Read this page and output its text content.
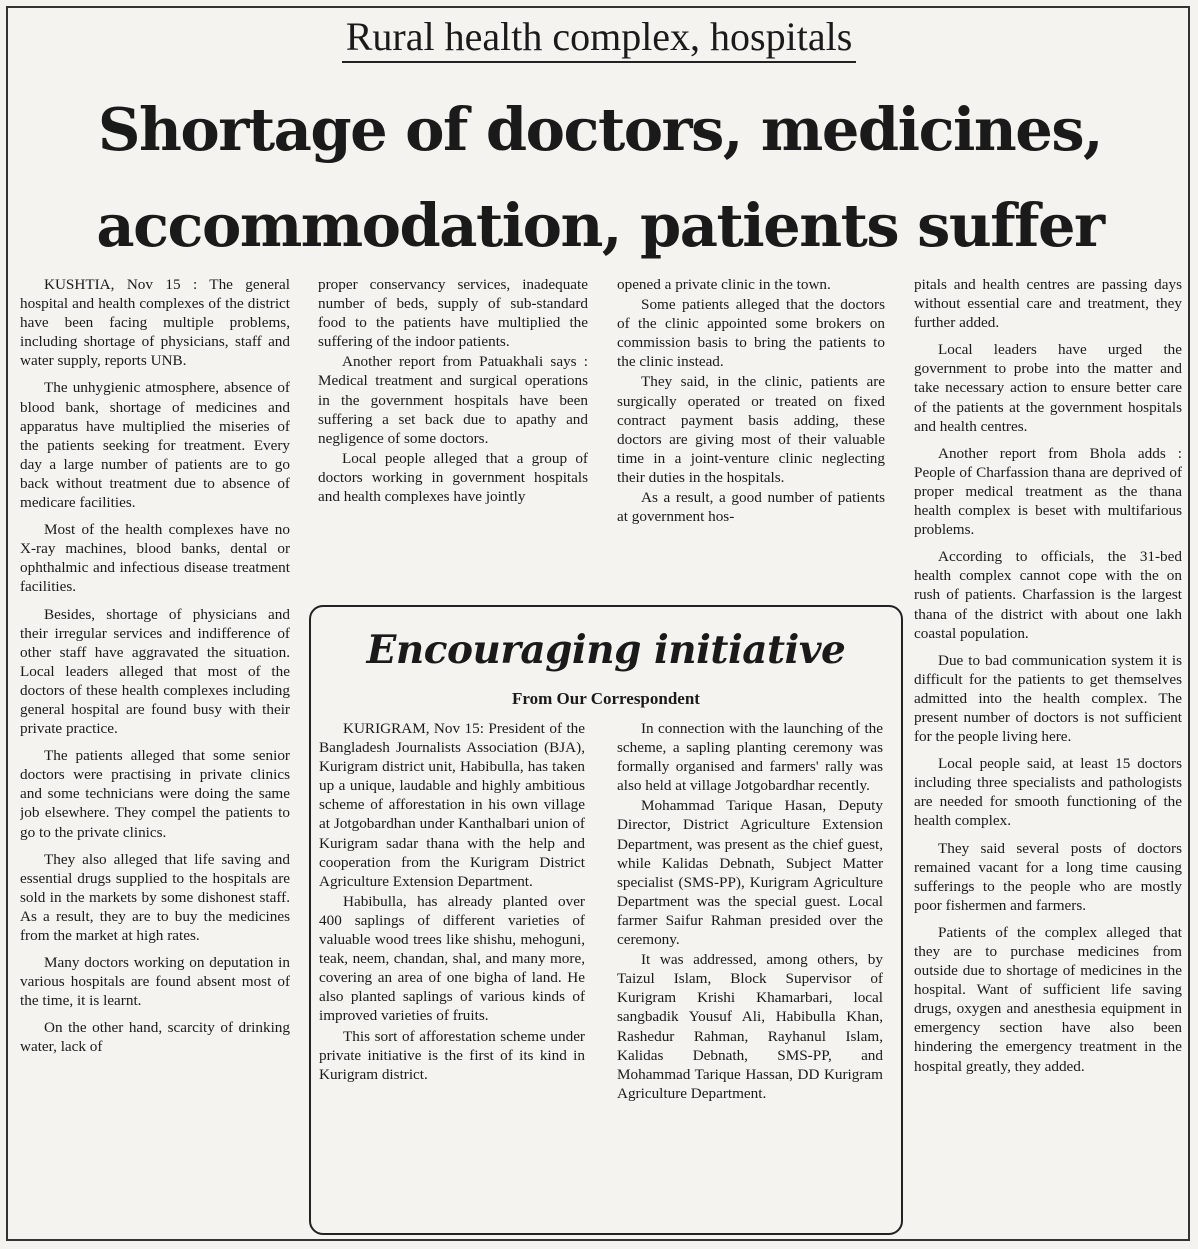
Rural health complex, hospitals
Shortage of doctors, medicines,
accommodation, patients suffer

KUSHTIA, Nov 15 : The general hospital and health complexes of the district have been facing multiple problems, including shortage of physicians, staff and water supply, reports UNB.

The unhygienic atmosphere, absence of blood bank, shortage of medicines and apparatus have multiplied the miseries of the patients seeking for treatment. Every day a large number of patients are to go back without treatment due to absence of medicare facilities.

Most of the health complexes have no X-ray machines, blood banks, dental or ophthalmic and infectious disease treatment facilities.

Besides, shortage of physicians and their irregular services and indifference of other staff have aggravated the situation. Local leaders alleged that most of the doctors of these health complexes including general hospital are found busy with their private practice.

The patients alleged that some senior doctors were practising in private clinics and some technicians were doing the same job elsewhere. They compel the patients to go to the private clinics.

They also alleged that life saving and essential drugs supplied to the hospitals are sold in the markets by some dishonest staff. As a result, they are to buy the medicines from the market at high rates.

Many doctors working on deputation in various hospitals are found absent most of the time, it is learnt.

On the other hand, scarcity of drinking water, lack of

proper conservancy services, inadequate number of beds, supply of sub-standard food to the patients have multiplied the suffering of the indoor patients.

Another report from Patuakhali says : Medical treatment and surgical operations in the government hospitals have been suffering a set back due to apathy and negligence of some doctors.

Local people alleged that a group of doctors working in government hospitals and health complexes have jointly

opened a private clinic in the town.

Some patients alleged that the doctors of the clinic appointed some brokers on commission basis to bring the patients to the clinic instead.

They said, in the clinic, patients are surgically operated or treated on fixed contract payment basis adding, these doctors are giving most of their valuable time in a joint-venture clinic neglecting their duties in the hospitals.

As a result, a good number of patients at government hos-

pitals and health centres are passing days without essential care and treatment, they further added.

Local leaders have urged the government to probe into the matter and take necessary action to ensure better care of the patients at the government hospitals and health centres.

Another report from Bhola adds : People of Charfassion thana are deprived of proper medical treatment as the thana health complex is beset with multifarious problems.

According to officials, the 31-bed health complex cannot cope with the on rush of patients. Charfassion is the largest thana of the district with about one lakh coastal population.

Due to bad communication system it is difficult for the patients to get themselves admitted into the health complex. The present number of doctors is not sufficient for the people living here.

Local people said, at least 15 doctors including three specialists and pathologists are needed for smooth functioning of the health complex.

They said several posts of doctors remained vacant for a long time causing sufferings to the people who are mostly poor fishermen and farmers.

Patients of the complex alleged that they are to purchase medicines from outside due to shortage of medicines in the hospital. Want of sufficient life saving drugs, oxygen and anesthesia equipment in emergency section have also been hindering the emergency treatment in the hospital greatly, they added.

Encouraging initiative
From Our Correspondent

KURIGRAM, Nov 15: President of the Bangladesh Journalists Association (BJA), Kurigram district unit, Habibulla, has taken up a unique, laudable and highly ambitious scheme of afforestation in his own village at Jotgobardhan under Kanthalbari union of Kurigram sadar thana with the help and cooperation from the Kurigram District Agriculture Extension Department.

Habibulla, has already planted over 400 saplings of different varieties of valuable wood trees like shishu, mehoguni, teak, neem, chandan, shal, and many more, covering an area of one bigha of land. He also planted saplings of various kinds of improved varieties of fruits.

This sort of afforestation scheme under private initiative is the first of its kind in Kurigram district.

In connection with the launching of the scheme, a sapling planting ceremony was formally organised and farmers' rally was also held at village Jotgobardhar recently.

Mohammad Tarique Hasan, Deputy Director, District Agriculture Extension Department, was present as the chief guest, while Kalidas Debnath, Subject Matter specialist (SMS-PP), Kurigram Agriculture Department was the special guest. Local farmer Saifur Rahman presided over the ceremony.

It was addressed, among others, by Taizul Islam, Block Supervisor of Kurigram Krishi Khamarbari, local sangbadik Yousuf Ali, Habibulla Khan, Rashedur Rahman, Rayhanul Islam, Kalidas Debnath, SMS-PP, and Mohammad Tarique Hassan, DD Kurigram Agriculture Department.
